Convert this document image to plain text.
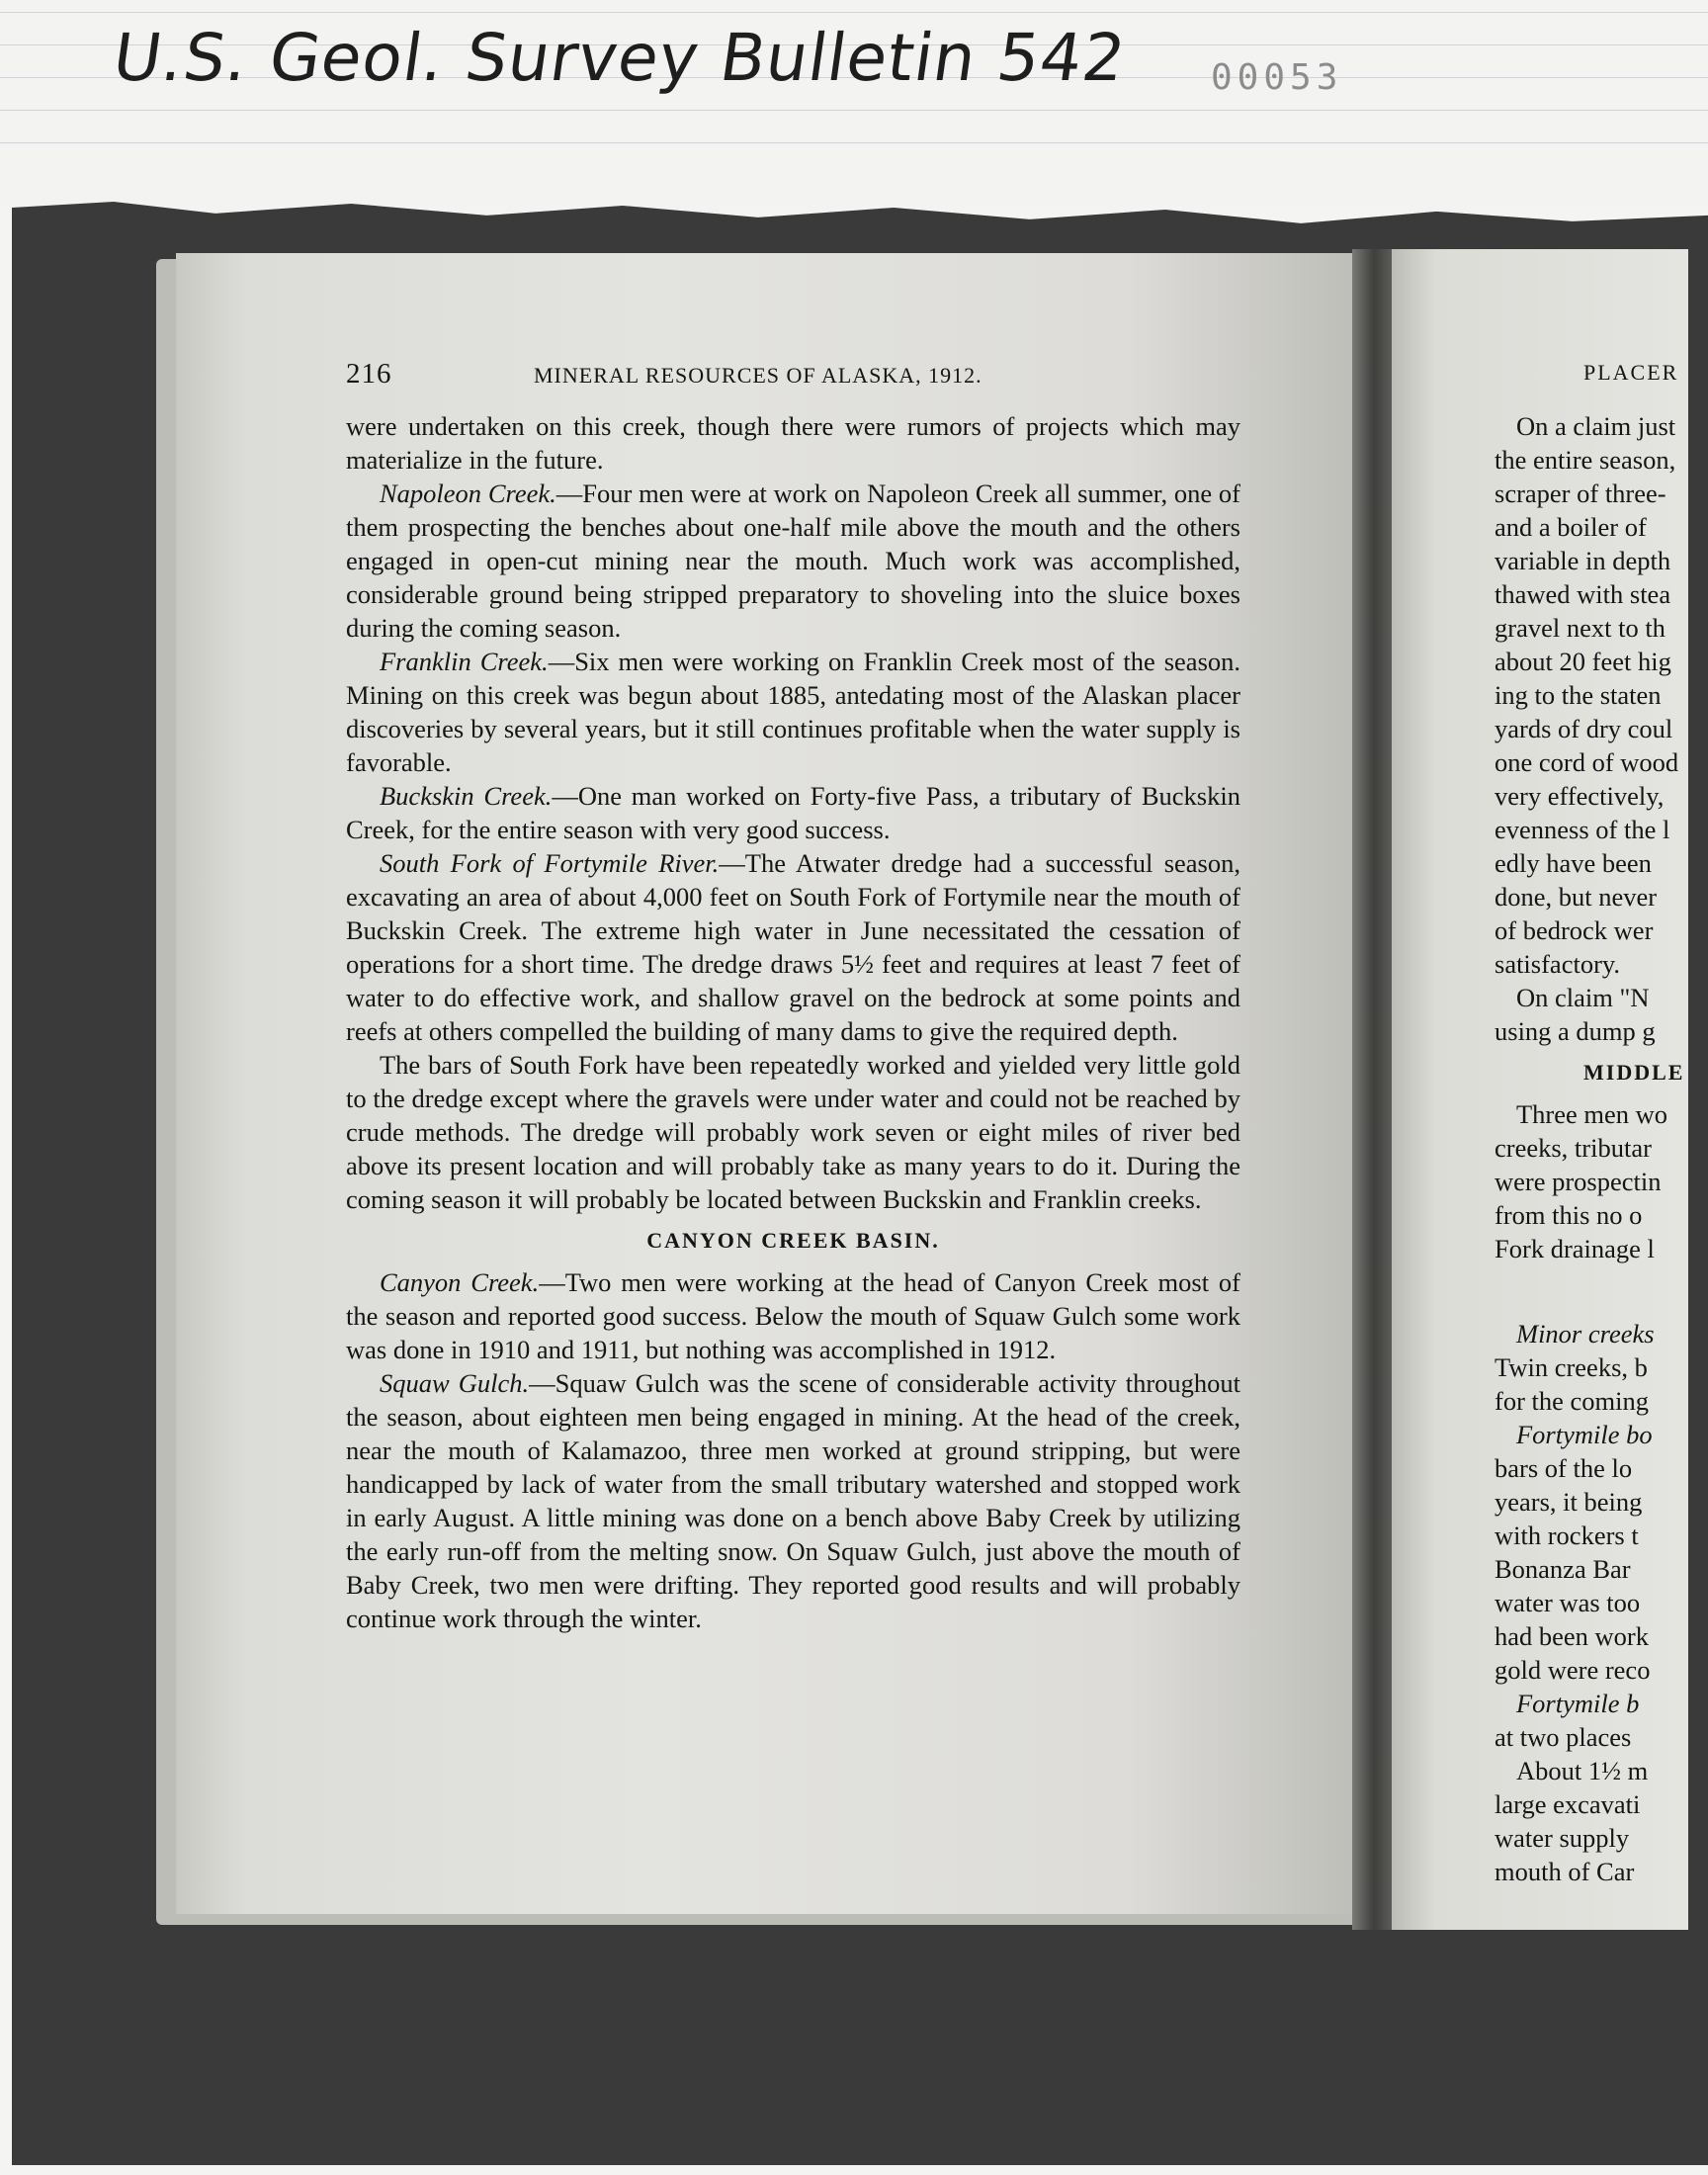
U.S. Geol. Survey Bulletin 542 00053
216	MINERAL RESOURCES OF ALASKA, 1912.

were undertaken on this creek, though there were rumors of projects which may materialize in the future.

Napoleon Creek.—Four men were at work on Napoleon Creek all summer, one of them prospecting the benches about one-half mile above the mouth and the others engaged in open-cut mining near the mouth. Much work was accomplished, considerable ground being stripped preparatory to shoveling into the sluice boxes during the coming season.

Franklin Creek.—Six men were working on Franklin Creek most of the season. Mining on this creek was begun about 1885, antedating most of the Alaskan placer discoveries by several years, but it still continues profitable when the water supply is favorable.

Buckskin Creek.—One man worked on Forty-five Pass, a tributary of Buckskin Creek, for the entire season with very good success.

South Fork of Fortymile River.—The Atwater dredge had a successful season, excavating an area of about 4,000 feet on South Fork of Fortymile near the mouth of Buckskin Creek. The extreme high water in June necessitated the cessation of operations for a short time. The dredge draws 5½ feet and requires at least 7 feet of water to do effective work, and shallow gravel on the bedrock at some points and reefs at others compelled the building of many dams to give the required depth.

The bars of South Fork have been repeatedly worked and yielded very little gold to the dredge except where the gravels were under water and could not be reached by crude methods. The dredge will probably work seven or eight miles of river bed above its present location and will probably take as many years to do it. During the coming season it will probably be located between Buckskin and Franklin creeks.

CANYON CREEK BASIN.

Canyon Creek.—Two men were working at the head of Canyon Creek most of the season and reported good success. Below the mouth of Squaw Gulch some work was done in 1910 and 1911, but nothing was accomplished in 1912.

Squaw Gulch.—Squaw Gulch was the scene of considerable activity throughout the season, about eighteen men being engaged in mining. At the head of the creek, near the mouth of Kalamazoo, three men worked at ground stripping, but were handicapped by lack of water from the small tributary watershed and stopped work in early August. A little mining was done on a bench above Baby Creek by utilizing the early run-off from the melting snow. On Squaw Gulch, just above the mouth of Baby Creek, two men were drifting. They reported good results and will probably continue work through the winter.

PLACER
On a claim just
the entire season,
scraper of three-
and a boiler of
variable in depth
thawed with stea
gravel next to th
about 20 feet hig
ing to the staten
yards of dry coul
one cord of wood
very effectively,
evenness of the l
edly have been
done, but never
of bedrock wer
satisfactory.
On claim "N
using a dump g
MIDDLE
Three men wo
creeks, tributar
were prospectin
from this no o
Fork drainage l
Minor creeks
Twin creeks, b
for the coming
Fortymile bo
bars of the lo
years, it being
with rockers t
Bonanza Bar
water was too
had been work
gold were reco
Fortymile b
at two places
About 1½ m
large excavati
water supply
mouth of Car
